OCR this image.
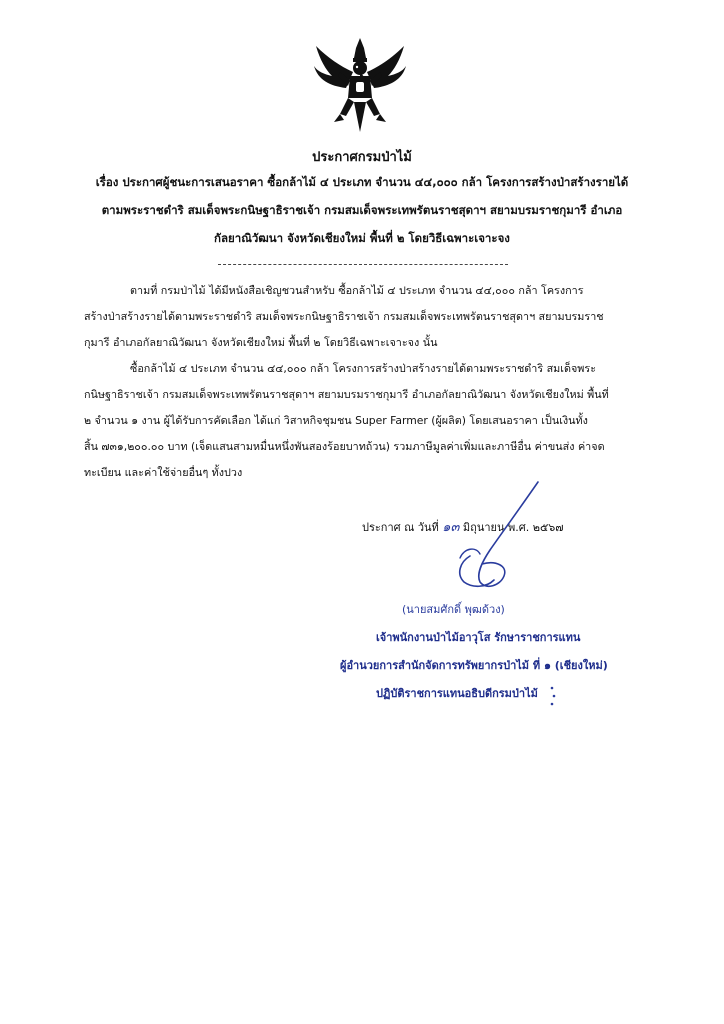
ประกาศกรมป่าไม้
เรื่อง ประกาศผู้ชนะการเสนอราคา ซื้อกล้าไม้ ๔ ประเภท จำนวน ๔๔,๐๐๐ กล้า โครงการสร้างป่าสร้างรายได้
ตามพระราชดำริ สมเด็จพระกนิษฐาธิราชเจ้า กรมสมเด็จพระเทพรัตนราชสุดาฯ สยามบรมราชกุมารี อำเภอ
กัลยาณิวัฒนา จังหวัดเชียงใหม่ พื้นที่ ๒ โดยวิธีเฉพาะเจาะจง
ตามที่ กรมป่าไม้ ได้มีหนังสือเชิญชวนสำหรับ ซื้อกล้าไม้ ๔ ประเภท จำนวน ๔๔,๐๐๐ กล้า โครงการ
สร้างป่าสร้างรายได้ตามพระราชดำริ สมเด็จพระกนิษฐาธิราชเจ้า กรมสมเด็จพระเทพรัตนราชสุดาฯ สยามบรมราช
กุมารี อำเภอกัลยาณิวัฒนา จังหวัดเชียงใหม่ พื้นที่ ๒ โดยวิธีเฉพาะเจาะจง นั้น
ซื้อกล้าไม้ ๔ ประเภท จำนวน ๔๔,๐๐๐ กล้า โครงการสร้างป่าสร้างรายได้ตามพระราชดำริ สมเด็จพระ
กนิษฐาธิราชเจ้า กรมสมเด็จพระเทพรัตนราชสุดาฯ สยามบรมราชกุมารี อำเภอกัลยาณิวัฒนา จังหวัดเชียงใหม่ พื้นที่
๒ จำนวน ๑ งาน ผู้ได้รับการคัดเลือก ได้แก่ วิสาหกิจชุมชน Super Farmer (ผู้ผลิต) โดยเสนอราคา เป็นเงินทั้ง
สิ้น ๗๓๑,๒๐๐.๐๐ บาท (เจ็ดแสนสามหมื่นหนึ่งพันสองร้อยบาทถ้วน) รวมภาษีมูลค่าเพิ่มและภาษีอื่น ค่าขนส่ง ค่าจด
ทะเบียน และค่าใช้จ่ายอื่นๆ ทั้งปวง
ประกาศ ณ วันที่ ๑๓ มิถุนายน พ.ศ. ๒๕๖๗
(นายสมศักดิ์ พุฒด้วง)
เจ้าพนักงานป่าไม้อาวุโส รักษาราชการแทน
ผู้อำนวยการสำนักจัดการทรัพยากรป่าไม้ ที่ ๑ (เชียงใหม่)
ปฏิบัติราชการแทนอธิบดีกรมป่าไม้
